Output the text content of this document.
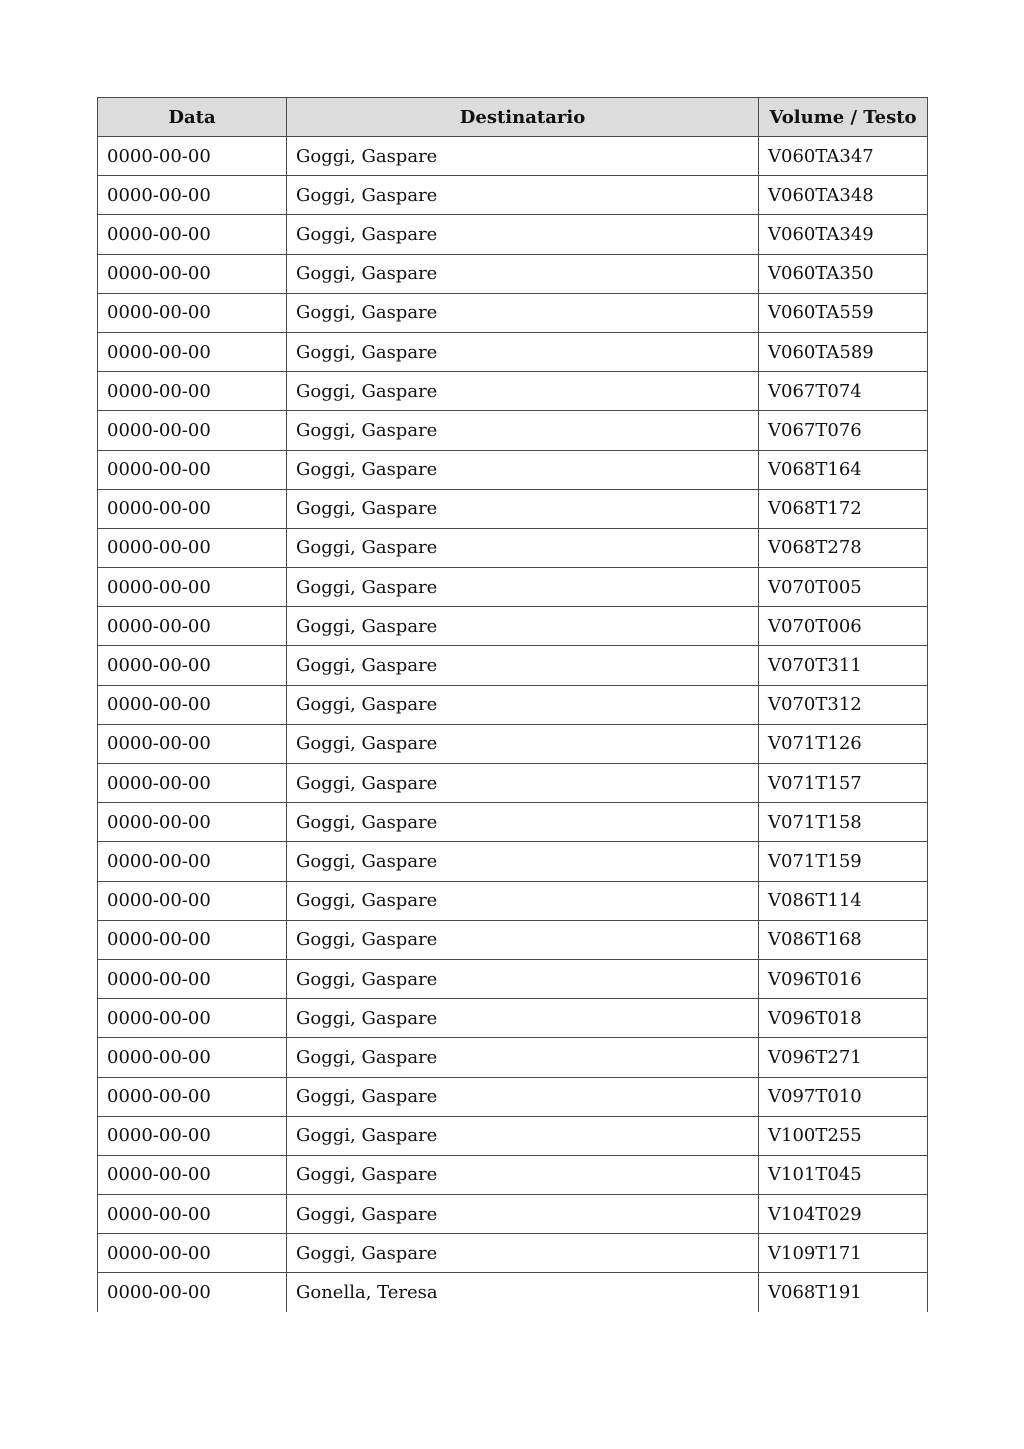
Data	Destinatario	Volume / Testo
0000-00-00	Goggi, Gaspare	V060TA347
0000-00-00	Goggi, Gaspare	V060TA348
0000-00-00	Goggi, Gaspare	V060TA349
0000-00-00	Goggi, Gaspare	V060TA350
0000-00-00	Goggi, Gaspare	V060TA559
0000-00-00	Goggi, Gaspare	V060TA589
0000-00-00	Goggi, Gaspare	V067T074
0000-00-00	Goggi, Gaspare	V067T076
0000-00-00	Goggi, Gaspare	V068T164
0000-00-00	Goggi, Gaspare	V068T172
0000-00-00	Goggi, Gaspare	V068T278
0000-00-00	Goggi, Gaspare	V070T005
0000-00-00	Goggi, Gaspare	V070T006
0000-00-00	Goggi, Gaspare	V070T311
0000-00-00	Goggi, Gaspare	V070T312
0000-00-00	Goggi, Gaspare	V071T126
0000-00-00	Goggi, Gaspare	V071T157
0000-00-00	Goggi, Gaspare	V071T158
0000-00-00	Goggi, Gaspare	V071T159
0000-00-00	Goggi, Gaspare	V086T114
0000-00-00	Goggi, Gaspare	V086T168
0000-00-00	Goggi, Gaspare	V096T016
0000-00-00	Goggi, Gaspare	V096T018
0000-00-00	Goggi, Gaspare	V096T271
0000-00-00	Goggi, Gaspare	V097T010
0000-00-00	Goggi, Gaspare	V100T255
0000-00-00	Goggi, Gaspare	V101T045
0000-00-00	Goggi, Gaspare	V104T029
0000-00-00	Goggi, Gaspare	V109T171
0000-00-00	Gonella, Teresa	V068T191
